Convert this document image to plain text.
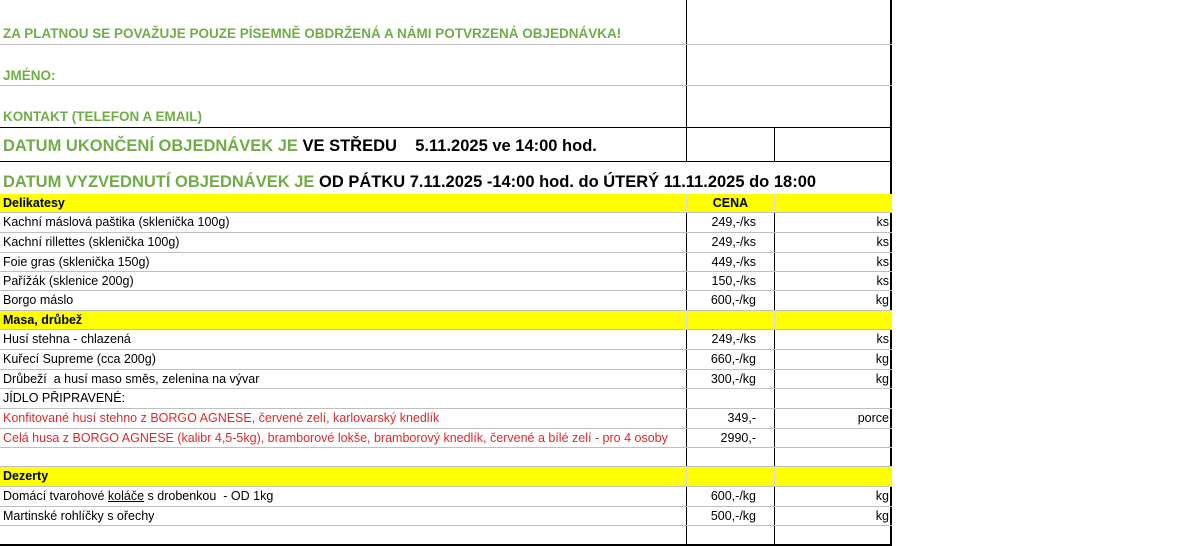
ZA PLATNOU SE POVAŽUJE POUZE PÍSEMNĚ OBDRŽENÁ A NÁMI POTVRZENÁ OBJEDNÁVKA!
JMÉNO:
KONTAKT (TELEFON A EMAIL)
DATUM UKONČENÍ OBJEDNÁVEK JE VE STŘEDU    5.11.2025 ve 14:00 hod.
DATUM VYZVEDNUTÍ OBJEDNÁVEK JE OD PÁTKU 7.11.2025 -14:00 hod. do ÚTERÝ 11.11.2025 do 18:00
Delikatesy	CENA
Kachní máslová paštika (sklenička 100g)	249,-/ks	ks
Kachní rillettes (sklenička 100g)	249,-/ks	ks
Foie gras (sklenička 150g)	449,-/ks	ks
Pařížák (sklenice 200g)	150,-/ks	ks
Borgo máslo	600,-/kg	kg
Masa, drůbež
Husí stehna - chlazená	249,-/ks	ks
Kuřecí Supreme (cca 200g)	660,-/kg	kg
Drůbeží  a husí maso směs, zelenina na vývar	300,-/kg	kg
JÍDLO PŘIPRAVENÉ:
Konfitované husí stehno z BORGO AGNESE, červené zelí, karlovarský knedlík	349,-	porce
Celá husa z BORGO AGNESE (kalibr 4,5-5kg), bramborové lokše, bramborový knedlík, červené a bílé zelí - pro 4 osoby	2990,-
Dezerty
Domácí tvarohové koláče s drobenkou  - OD 1kg	600,-/kg	kg
Martinské rohlíčky s ořechy	500,-/kg	kg
